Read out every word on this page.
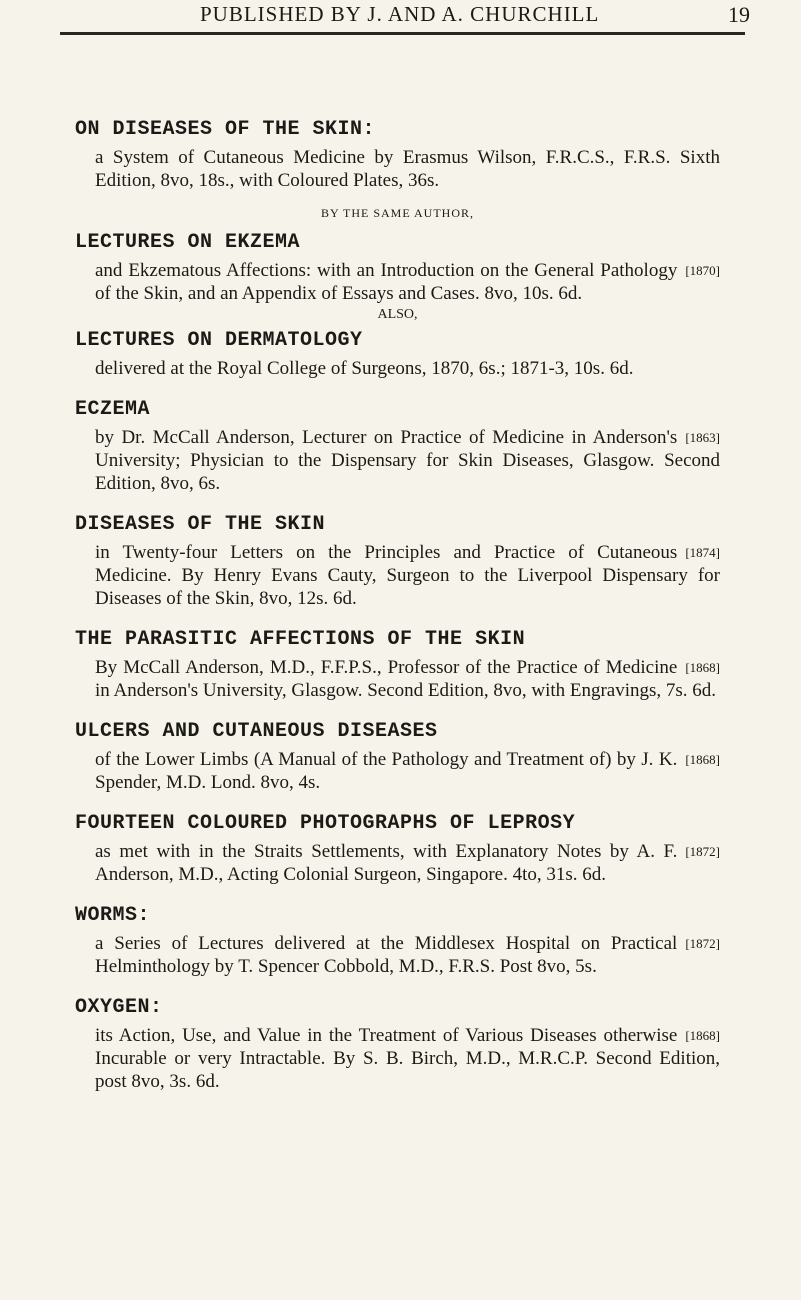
PUBLISHED BY J. AND A. CHURCHILL	19
ON DISEASES OF THE SKIN:
a System of Cutaneous Medicine by Erasmus Wilson, F.R.C.S., F.R.S. Sixth Edition, 8vo, 18s., with Coloured Plates, 36s.
BY THE SAME AUTHOR,
LECTURES ON EKZEMA
[1870]
and Ekzematous Affections: with an Introduction on the General Pathology of the Skin, and an Appendix of Essays and Cases. 8vo, 10s. 6d.
ALSO,
LECTURES ON DERMATOLOGY
delivered at the Royal College of Surgeons, 1870, 6s.; 1871-3, 10s. 6d.
ECZEMA
[1863]
by Dr. McCall Anderson, Lecturer on Practice of Medicine in Anderson's University; Physician to the Dispensary for Skin Diseases, Glasgow. Second Edition, 8vo, 6s.
DISEASES OF THE SKIN
[1874]
in Twenty-four Letters on the Principles and Practice of Cutaneous Medicine. By Henry Evans Cauty, Surgeon to the Liverpool Dispensary for Diseases of the Skin, 8vo, 12s. 6d.
THE PARASITIC AFFECTIONS OF THE SKIN
[1868]
By McCall Anderson, M.D., F.F.P.S., Professor of the Practice of Medicine in Anderson's University, Glasgow. Second Edition, 8vo, with Engravings, 7s. 6d.
ULCERS AND CUTANEOUS DISEASES
[1868]
of the Lower Limbs (A Manual of the Pathology and Treatment of) by J. K. Spender, M.D. Lond. 8vo, 4s.
FOURTEEN COLOURED PHOTOGRAPHS OF LEPROSY
[1872]
as met with in the Straits Settlements, with Explanatory Notes by A. F. Anderson, M.D., Acting Colonial Surgeon, Singapore. 4to, 31s. 6d.
WORMS:
[1872]
a Series of Lectures delivered at the Middlesex Hospital on Practical Helminthology by T. Spencer Cobbold, M.D., F.R.S. Post 8vo, 5s.
OXYGEN:
[1868]
its Action, Use, and Value in the Treatment of Various Diseases otherwise Incurable or very Intractable. By S. B. Birch, M.D., M.R.C.P. Second Edition, post 8vo, 3s. 6d.
